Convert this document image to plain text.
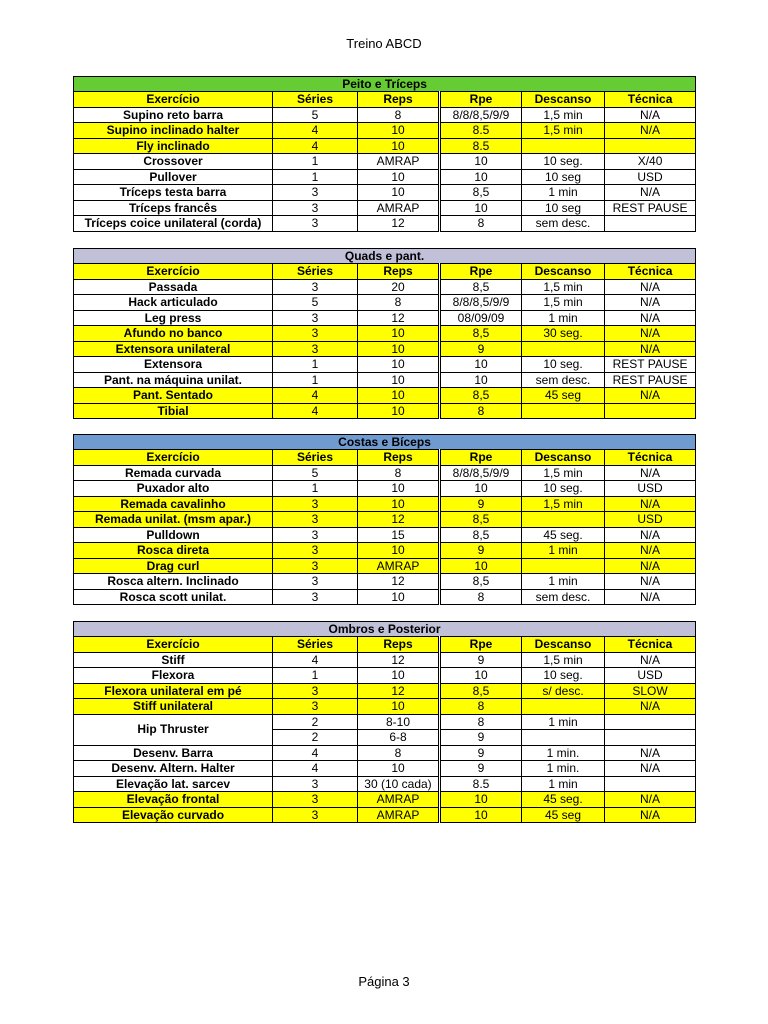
Treino ABCD
Peito e Tríceps					
Exercício	Séries	Reps	Rpe	Descanso	Técnica
Supino reto barra	5	8	8/8/8,5/9/9	1,5 min	N/A
Supino inclinado halter	4	10	8.5	1,5 min	N/A
Fly inclinado	4	10	8.5		
Crossover	1	AMRAP	10	10 seg.	X/40
Pullover	1	10	10	10 seg	USD
Tríceps testa barra	3	10	8,5	1 min	N/A
Tríceps francês	3	AMRAP	10	10 seg	REST PAUSE
Tríceps coice unilateral (corda)	3	12	8	sem desc.	
Quads e pant.					
Exercício	Séries	Reps	Rpe	Descanso	Técnica
Passada	3	20	8,5	1,5 min	N/A
Hack articulado	5	8	8/8/8,5/9/9	1,5 min	N/A
Leg press	3	12	08/09/09	1 min	N/A
Afundo no banco	3	10	8,5	30 seg.	N/A
Extensora unilateral	3	10	9		N/A
Extensora	1	10	10	10 seg.	REST PAUSE
Pant. na máquina unilat.	1	10	10	sem desc.	REST PAUSE
Pant. Sentado	4	10	8,5	45 seg	N/A
Tibial	4	10	8		
Costas e Bíceps					
Exercício	Séries	Reps	Rpe	Descanso	Técnica
Remada curvada	5	8	8/8/8,5/9/9	1,5 min	N/A
Puxador alto	1	10	10	10 seg.	USD
Remada cavalinho	3	10	9	1,5 min	N/A
Remada unilat. (msm apar.)	3	12	8,5		USD
Pulldown	3	15	8,5	45 seg.	N/A
Rosca direta	3	10	9	1 min	N/A
Drag curl	3	AMRAP	10		N/A
Rosca altern. Inclinado	3	12	8,5	1 min	N/A
Rosca scott unilat.	3	10	8	sem desc.	N/A
Ombros e Posterior					
Exercício	Séries	Reps	Rpe	Descanso	Técnica
Stiff	4	12	9	1,5 min	N/A
Flexora	1	10	10	10 seg.	USD
Flexora unilateral em pé	3	12	8,5	s/ desc.	SLOW
Stiff unilateral	3	10	8		N/A
Hip Thruster	2	8-10	8	1 min	
	2	6-8	9		
Desenv. Barra	4	8	9	1 min.	N/A
Desenv. Altern. Halter	4	10	9	1 min.	N/A
Elevação lat. sarcev	3	30 (10 cada)	8.5	1 min	
Elevação frontal	3	AMRAP	10	45 seg.	N/A
Elevação curvado	3	AMRAP	10	45 seg	N/A
Página 3
